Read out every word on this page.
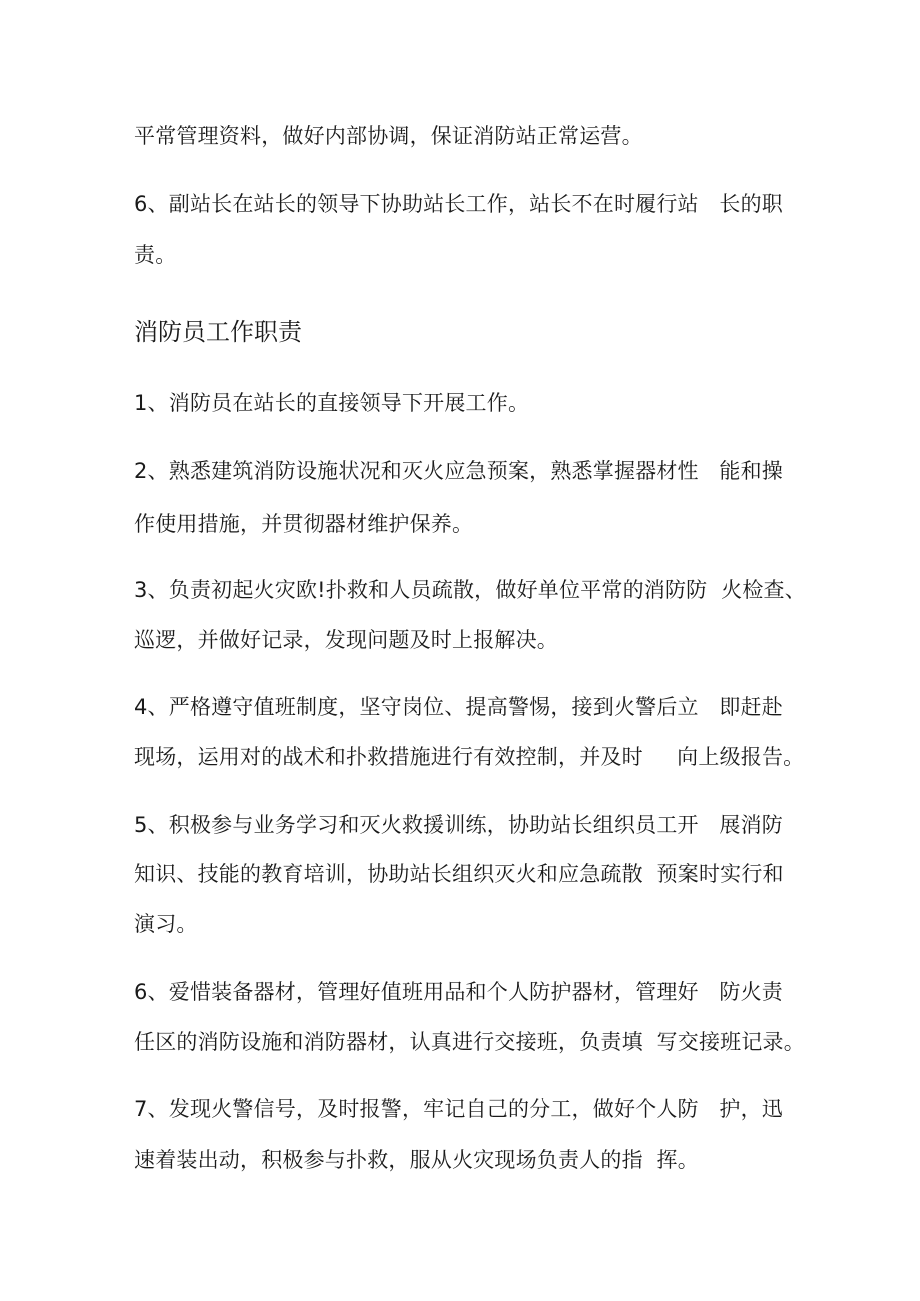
平常管理资料，做好内部协调，保证消防站正常运营。
6、副站长在站长的领导下协助站长工作，站长不在时履行站   长的职
责。
消防员工作职责
1、消防员在站长的直接领导下开展工作。
2、熟悉建筑消防设施状况和灭火应急预案，熟悉掌握器材性   能和操
作使用措施，并贯彻器材维护保养。
3、负责初起火灾欧!扑救和人员疏散，做好单位平常的消防防  火检查、
巡逻，并做好记录，发现问题及时上报解决。
4、严格遵守值班制度，坚守岗位、提高警惕，接到火警后立   即赶赴
现场，运用对的战术和扑救措施进行有效控制，并及时     向上级报告。
5、积极参与业务学习和灭火救援训练，协助站长组织员工开   展消防
知识、技能的教育培训，协助站长组织灭火和应急疏散  预案时实行和
演习。
6、爱惜装备器材，管理好值班用品和个人防护器材，管理好   防火责
任区的消防设施和消防器材，认真进行交接班，负责填  写交接班记录。
7、发现火警信号，及时报警，牢记自己的分工，做好个人防   护，迅
速着装出动，积极参与扑救，服从火灾现场负责人的指  挥。
